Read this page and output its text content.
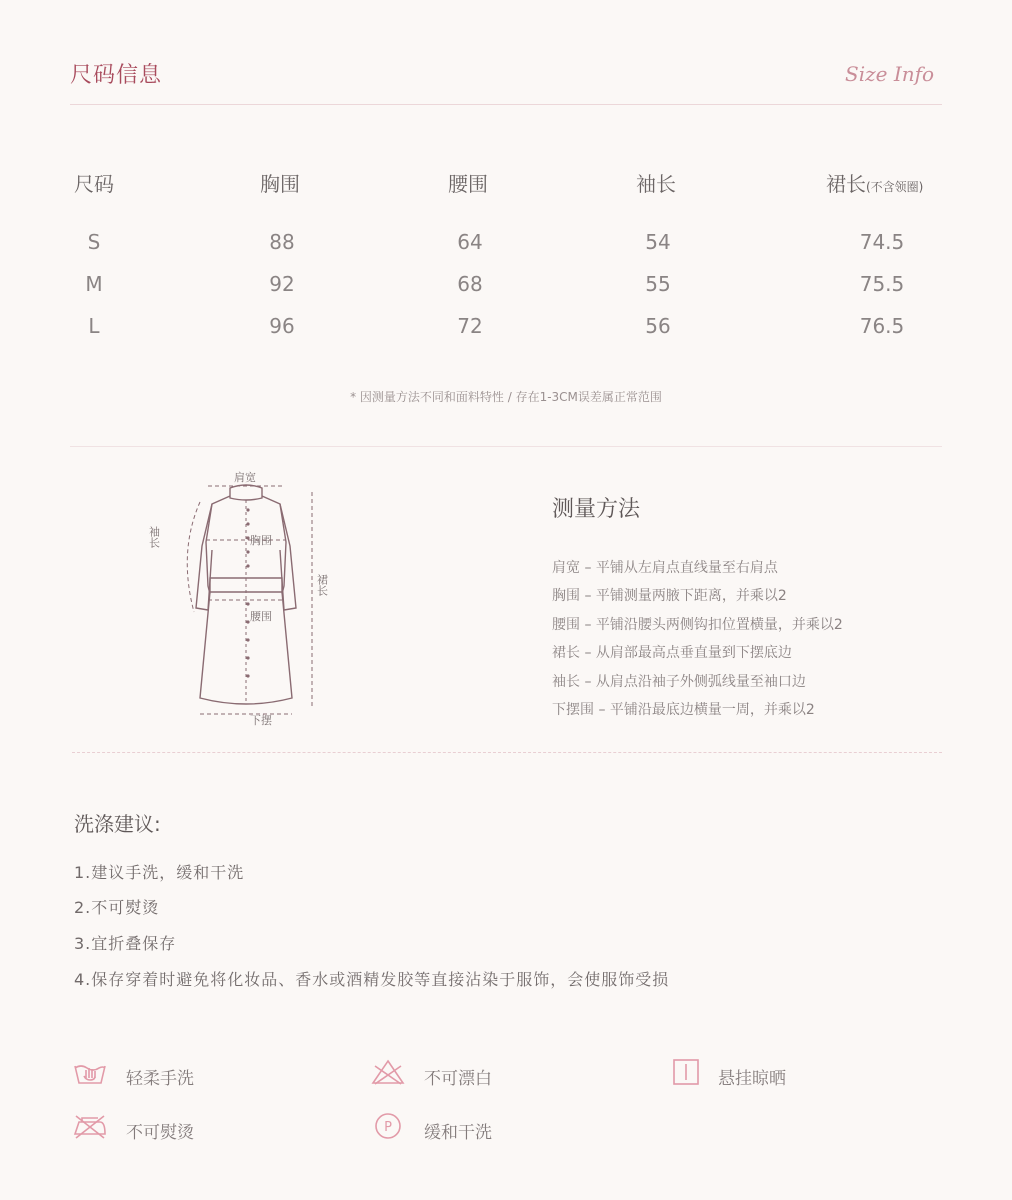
尺码信息	Size Info
尺码	胸围	腰围	袖长	裙长(不含领圈)
S	88	64	54	74.5
M	92	68	55	75.5
L	96	72	56	76.5
* 因测量方法不同和面料特性 / 存在1-3CM误差属正常范围
肩宽
胸围
腰围
下摆
袖长
裙长
测量方法
肩宽 – 平铺从左肩点直线量至右肩点
胸围 – 平铺测量两腋下距离，并乘以2
腰围 – 平铺沿腰头两侧钩扣位置横量，并乘以2
裙长 – 从肩部最高点垂直量到下摆底边
袖长 – 从肩点沿袖子外侧弧线量至袖口边
下摆围 – 平铺沿最底边横量一周，并乘以2
洗涤建议:
1.建议手洗，缓和干洗
2.不可熨烫
3.宜折叠保存
4.保存穿着时避免将化妆品、香水或酒精发胶等直接沾染于服饰，会使服饰受损
轻柔手洗	不可漂白	悬挂晾晒
不可熨烫	P 缓和干洗
